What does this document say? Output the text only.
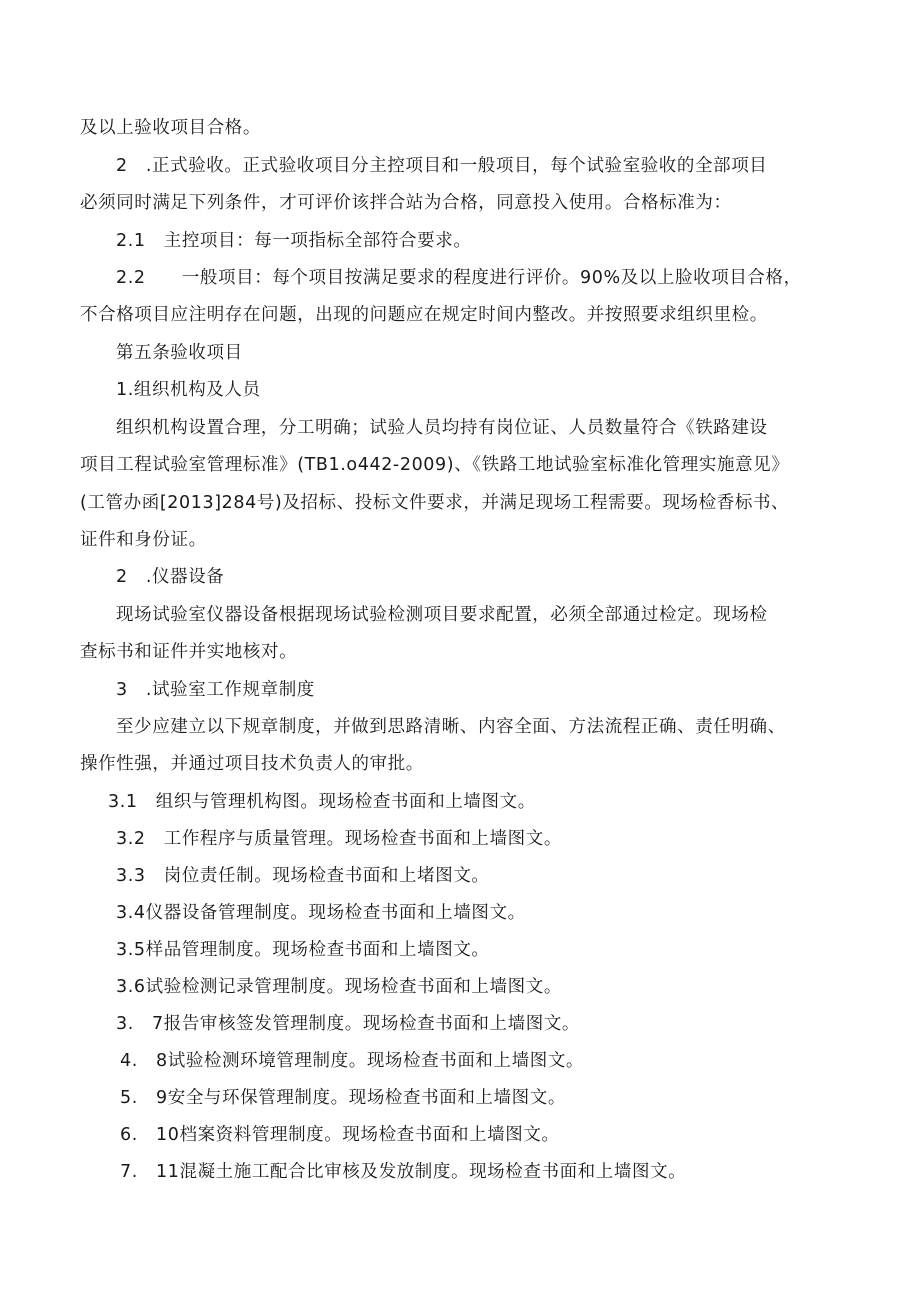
及以上验收项目合格。
2　.正式验收。正式验收项目分主控项目和一般项目，每个试验室验收的全部项目
必须同时满足下列条件，才可评价该拌合站为合格，同意投入使用。合格标准为：
2.1　主控项目：每一项指标全部符合要求。
2.2　　一般项目：每个项目按满足要求的程度进行评价。90%及以上脸收项目合格，
不合格项目应注明存在问题，出现的问题应在规定时间内整改。并按照要求组织里检。
第五条验收项目
1.组织机构及人员
组织机构设置合理，分工明确；试验人员均持有岗位证、人员数量符合《铁路建设
项目工程试验室管理标准》(TB1.o442-2009)、《铁路工地试验室标准化管理实施意见》
(工管办函[2013]284号)及招标、投标文件要求，并满足现场工程需要。现场检香标书、
证件和身份证。
2　.仪器设备
现场试验室仪器设备根据现场试验检测项目要求配置，必须全部通过检定。现场检
查标书和证件并实地核对。
3　.试验室工作规章制度
至少应建立以下规章制度，并做到思路清晰、内容全面、方法流程正确、责任明确、
操作性强，并通过项目技术负责人的审批。
3.1　组织与管理机构图。现场检查书面和上墙图文。
3.2　工作程序与质量管理。现场检查书面和上墙图文。
3.3　岗位责任制。现场检查书面和上堵图文。
3.4仪器设备管理制度。现场检查书面和上墙图文。
3.5样品管理制度。现场检查书面和上墙图文。
3.6试验检测记录管理制度。现场检查书面和上墙图文。
3.　7报告审核签发管理制度。现场检查书面和上墙图文。
4.　8试验检测环境管理制度。现场检查书面和上墙图文。
5.　9安全与环保管理制度。现场检查书面和上墙图文。
6.　10档案资料管理制度。现场检查书面和上墙图文。
7.　11混凝土施工配合比审核及发放制度。现场检查书面和上墙图文。
